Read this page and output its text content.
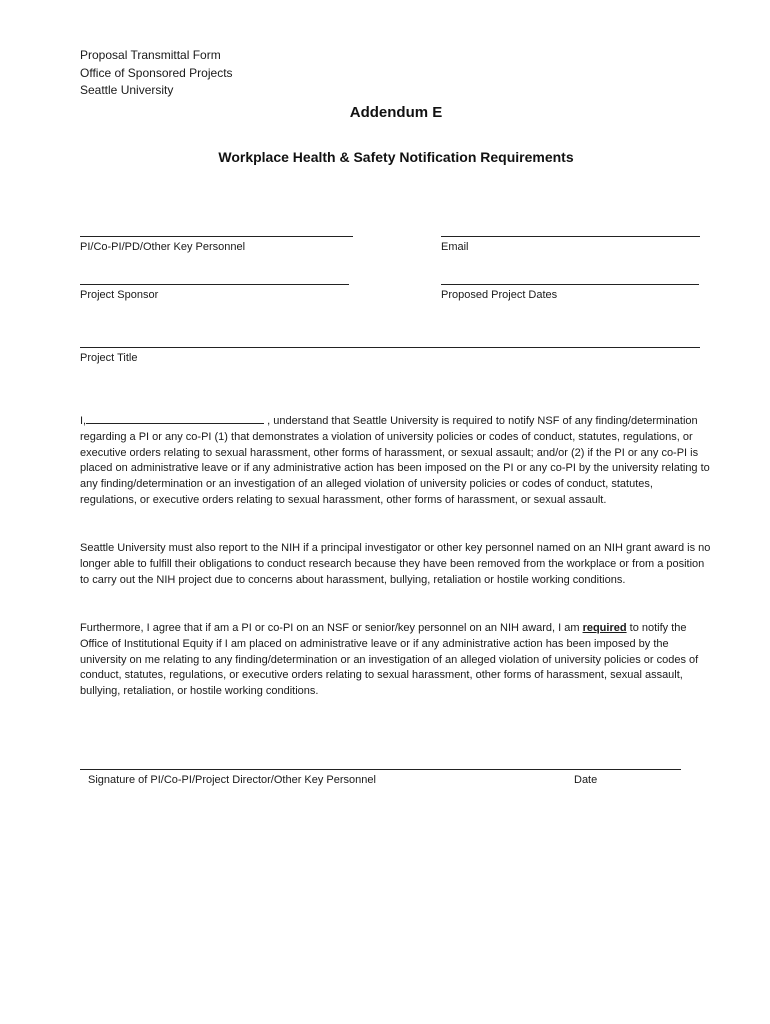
Proposal Transmittal Form
Office of Sponsored Projects
Seattle University
Addendum E
Workplace Health & Safety Notification Requirements
PI/Co-PI/PD/Other Key Personnel	Email
Project Sponsor	Proposed Project Dates
Project Title

I,	, understand that Seattle University is required to notify NSF of any finding/determination regarding a PI or any co-PI (1) that demonstrates a violation of university policies or codes of conduct, statutes, regulations, or executive orders relating to sexual harassment, other forms of harassment, or sexual assault; and/or (2) if the PI or any co-PI is placed on administrative leave or if any administrative action has been imposed on the PI or any co-PI by the university relating to any finding/determination or an investigation of an alleged violation of university policies or codes of conduct, statutes, regulations, or executive orders relating to sexual harassment, other forms of harassment, or sexual assault.

Seattle University must also report to the NIH if a principal investigator or other key personnel named on an NIH grant award is no longer able to fulfill their obligations to conduct research because they have been removed from the workplace or from a position to carry out the NIH project due to concerns about harassment, bullying, retaliation or hostile working conditions.

Furthermore, I agree that if am a PI or co-PI on an NSF or senior/key personnel on an NIH award, I am required to notify the Office of Institutional Equity if I am placed on administrative leave or if any administrative action has been imposed by the university on me relating to any finding/determination or an investigation of an alleged violation of university policies or codes of conduct, statutes, regulations, or executive orders relating to sexual harassment, other forms of harassment, sexual assault, bullying, retaliation, or hostile working conditions.

Signature of PI/Co-PI/Project Director/Other Key Personnel	Date
